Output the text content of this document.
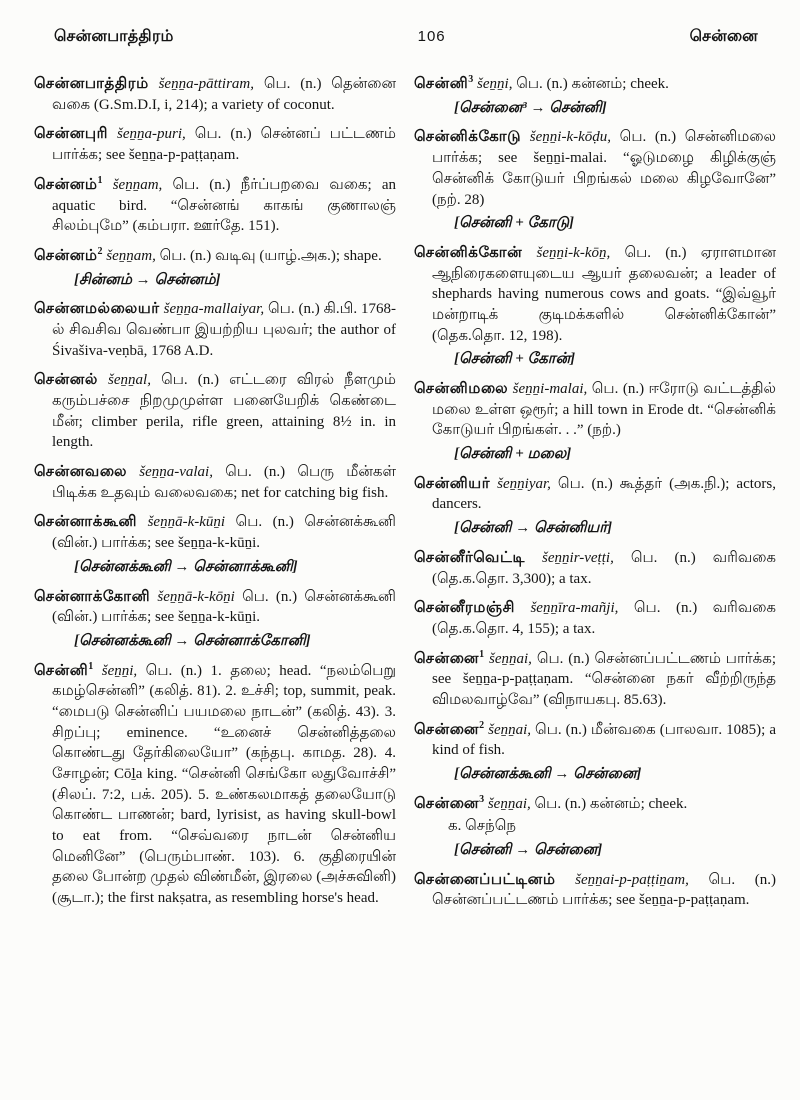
சென்னபாத்திரம்	106	சென்னை

சென்னபாத்திரம் šeṉṉa-pāttiram, பெ. (n.) தென்னை வகை (G.Sm.D.I, i, 214); a variety of coconut.

சென்னபுரி šeṉṉa-puri, பெ. (n.) சென்னப் பட்டணம் பார்க்க; see šeṉṉa-p-paṭṭaṇam.

சென்னம்$^1$ šeṉṉam, பெ. (n.) நீர்ப்பறவை வகை; an aquatic bird. “சென்னங் காகங் குணாலஞ் சிலம்புமே” (கம்பரா. ஊர்தே. 151).

சென்னம்$^2$ šeṉṉam, பெ. (n.) வடிவு (யாழ்.அக.); shape.

[சின்னம் → சென்னம்]

சென்னமல்லையர் šeṉṉa-mallaiyar, பெ. (n.) கி.பி. 1768-ல் சிவசிவ வெண்பா இயற்றிய புலவர்; the author of Śivašiva-veṇbā, 1768 A.D.

சென்னல் šeṉṉal, பெ. (n.) எட்டரை விரல் நீளமும் கரும்பச்சை நிறமுமுள்ள பனையேறிக் கெண்டை மீன்; climber perila, rifle green, attaining 8½ in. in length.

சென்னவலை šeṉṉa-valai, பெ. (n.) பெரு மீன்கள் பிடிக்க உதவும் வலைவகை; net for catching big fish.

சென்னாக்கூனி šeṉṉā-k-kūṉi பெ. (n.) சென்னக்கூனி (வின்.) பார்க்க; see šeṉṉa-k-kūṉi.

[சென்னக்கூனி → சென்னாக்கூனி]

சென்னாக்கோனி šeṉṉā-k-kōṉi பெ. (n.) சென்னக்கூனி (வின்.) பார்க்க; see šeṉṉa-k-kūṉi.

[சென்னக்கூனி → சென்னாக்கோனி]

சென்னி$^1$ šeṉṉi, பெ. (n.) 1. தலை; head. “நலம்பெறு கமழ்சென்னி” (கலித். 81). 2. உச்சி; top, summit, peak. “மைபடு சென்னிப் பயமலை நாடன்” (கலித். 43). 3. சிறப்பு; eminence. “உனைச் சென்னித்தலை கொண்டது தேர்கிலையோ” (கந்தபு. காமத. 28). 4. சோழன்; Cōḻa king. “சென்னி செங்கோ லதுவோச்சி” (சிலப். 7:2, பக். 205). 5. உண்கலமாகத் தலையோடு கொண்ட பாணன்; bard, lyrisist, as having skull-bowl to eat from. “செவ்வரை நாடன் சென்னிய மெனினே” (பெரும்பாண். 103). 6. குதிரையின் தலை போன்ற முதல் விண்மீன், இரலை (அச்சுவினி) (சூடா.); the first nakṣatra, as resembling horse's head.

சென்னி$^3$ šeṉṉi, பெ. (n.) கன்னம்; cheek.

[சென்னை³ → சென்னி]

சென்னிக்கோடு šeṉṉi-k-kōḍu, பெ. (n.) சென்னிமலை பார்க்க; see šeṉṉi-malai. “ஓடுமழை கிழிக்குஞ் சென்னிக் கோடுயர் பிறங்கல் மலை கிழவோனே” (நற். 28)

[சென்னி + கோடு]

சென்னிக்கோன் šeṉṉi-k-kōṉ, பெ. (n.) ஏராளமான ஆநிரைகளையுடைய ஆயர் தலைவன்; a leader of shephards having numerous cows and goats. “இவ்வூர் மன்றாடிக் குடிமக்களில் சென்னிக்கோன்” (தெக.தொ. 12, 198).

[சென்னி + கோன்]

சென்னிமலை šeṉṉi-malai, பெ. (n.) ஈரோடு வட்டத்தில் மலை உள்ள ஒரூர்; a hill town in Erode dt. “சென்னிக் கோடுயர் பிறங்கள். . .” (நற்.)

[சென்னி + மலை]

சென்னியர் šeṉṉiyar, பெ. (n.) கூத்தர் (அக.நி.); actors, dancers.

[சென்னி → சென்னியர்]

சென்னீர்வெட்டி šeṉṉir-veṭṭi, பெ. (n.) வரிவகை (தெ.க.தொ. 3,300); a tax.

சென்னீரமஞ்சி šeṉṉīra-mañji, பெ. (n.) வரிவகை (தெ.க.தொ. 4, 155); a tax.

சென்னை$^1$ šeṉṉai, பெ. (n.) சென்னப்பட்டணம் பார்க்க; see šeṉṉa-p-paṭṭaṇam. “சென்னை நகர் வீற்றிருந்த விமலவாழ்வே” (விநாயகபு. 85.63).

சென்னை$^2$ šeṉṉai, பெ. (n.) மீன்வகை (பாலவா. 1085); a kind of fish.

[சென்னக்கூனி → சென்னை]

சென்னை$^3$ šeṉṉai, பெ. (n.) கன்னம்; cheek.

க. செந்நெ

[சென்னி → சென்னை]

சென்னைப்பட்டினம் šeṉṉai-p-paṭṭiṉam, பெ. (n.) சென்னப்பட்டணம் பார்க்க; see šeṉṉa-p-paṭṭaṇam.
